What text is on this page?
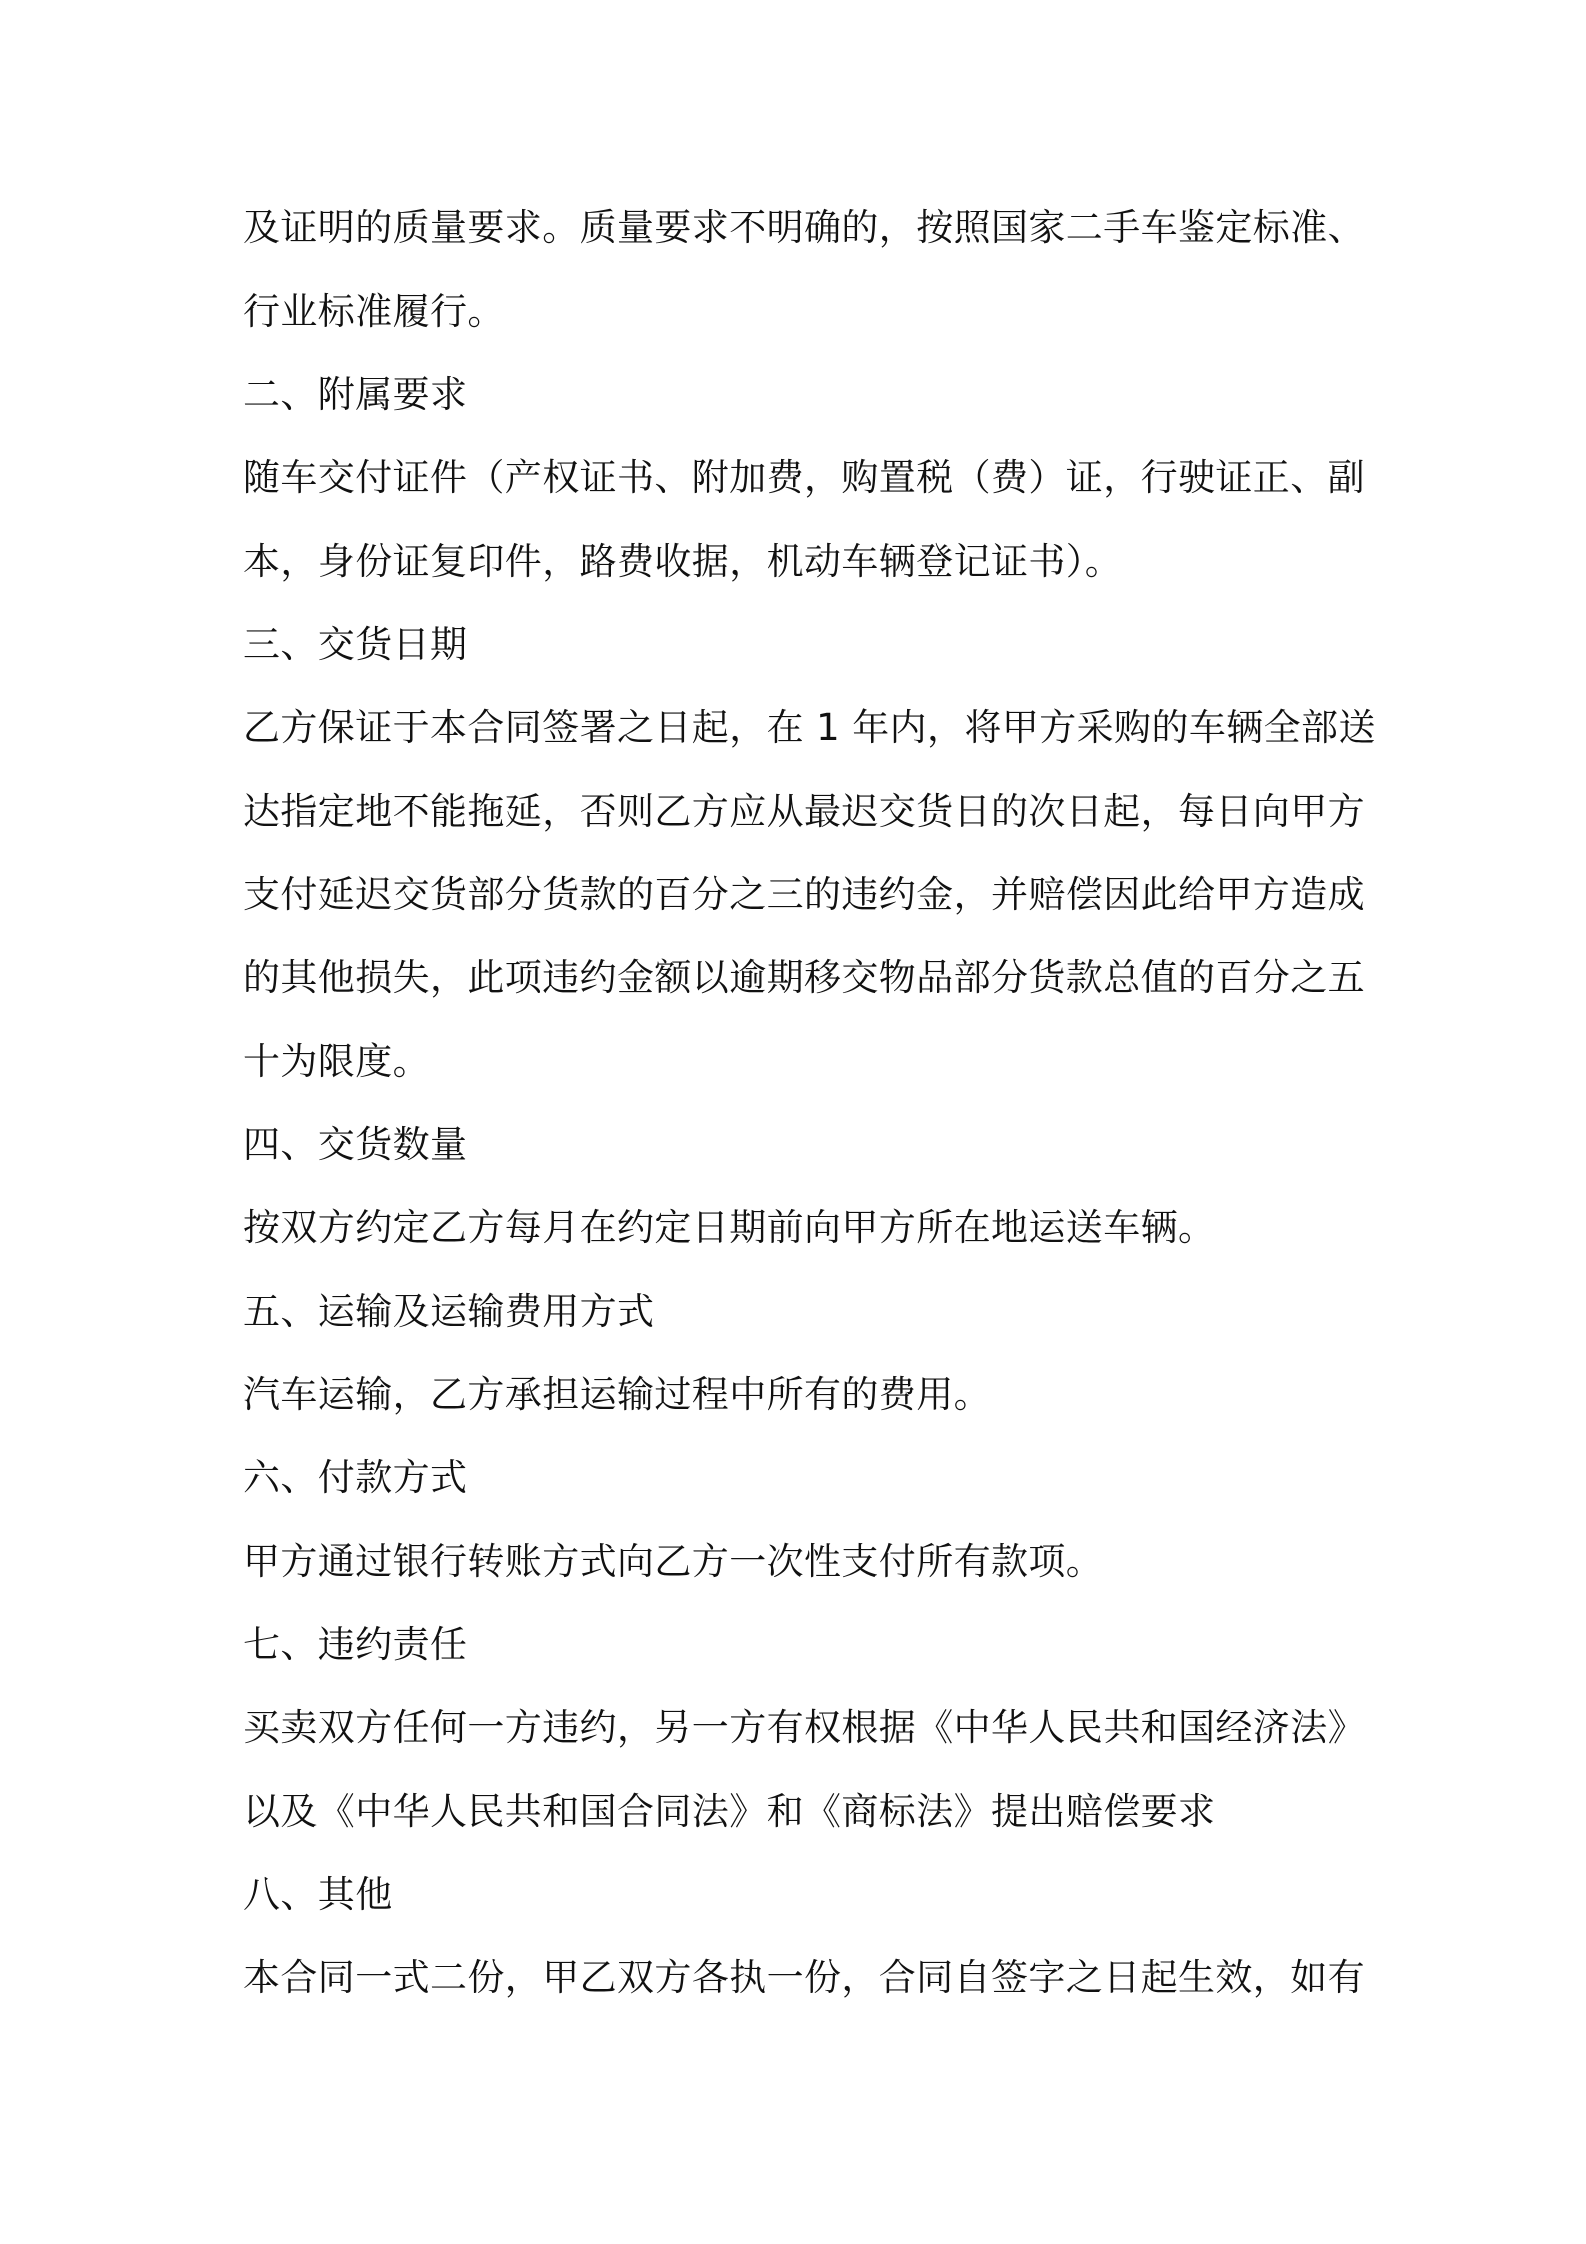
及证明的质量要求。质量要求不明确的，按照国家二手车鉴定标准、
行业标准履行。
二、附属要求
随车交付证件（产权证书、附加费，购置税（费）证，行驶证正、副
本，身份证复印件，路费收据，机动车辆登记证书）。
三、交货日期
乙方保证于本合同签署之日起，在 1 年内，将甲方采购的车辆全部送
达指定地不能拖延，否则乙方应从最迟交货日的次日起，每日向甲方
支付延迟交货部分货款的百分之三的违约金，并赔偿因此给甲方造成
的其他损失，此项违约金额以逾期移交物品部分货款总值的百分之五
十为限度。
四、交货数量
按双方约定乙方每月在约定日期前向甲方所在地运送车辆。
五、运输及运输费用方式
汽车运输，乙方承担运输过程中所有的费用。
六、付款方式
甲方通过银行转账方式向乙方一次性支付所有款项。
七、违约责任
买卖双方任何一方违约，另一方有权根据《中华人民共和国经济法》
以及《中华人民共和国合同法》和《商标法》提出赔偿要求
八、其他
本合同一式二份，甲乙双方各执一份，合同自签字之日起生效，如有
